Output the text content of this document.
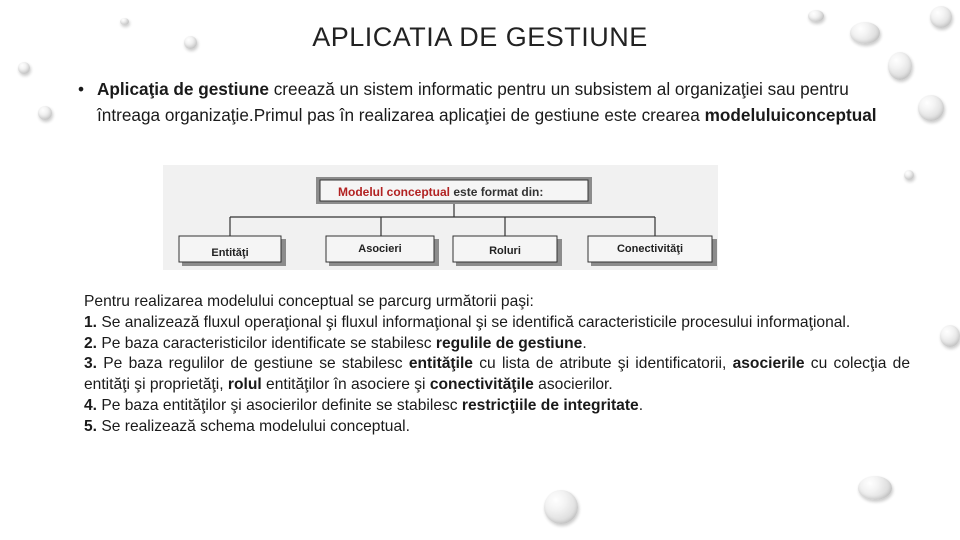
APLICATIA DE GESTIUNE
• Aplicaţia de gestiune creează un sistem informatic pentru un subsistem al organizaţiei sau pentru întreaga organizaţie.Primul pas în realizarea aplicaţiei de gestiune este crearea modeluluiconceptual
Modelul conceptual este format din:
Entităţi	Asocieri	Roluri	Conectivităţi

Pentru realizarea modelului conceptual se parcurg următorii paşi:

1. Se analizează fluxul operaţional şi fluxul informaţional şi se identifică caracteristicile procesului informaţional.

2. Pe baza caracteristicilor identificate se stabilesc regulile de gestiune.

3. Pe baza regulilor de gestiune se stabilesc entităţile cu lista de atribute şi identificatorii, asocierile cu colecţia de entităţi şi proprietăţi, rolul entităţilor în asociere şi conectivităţile asocierilor.

4. Pe baza entităţilor şi asocierilor definite se stabilesc restricţiile de integritate.

5. Se realizează schema modelului conceptual.
